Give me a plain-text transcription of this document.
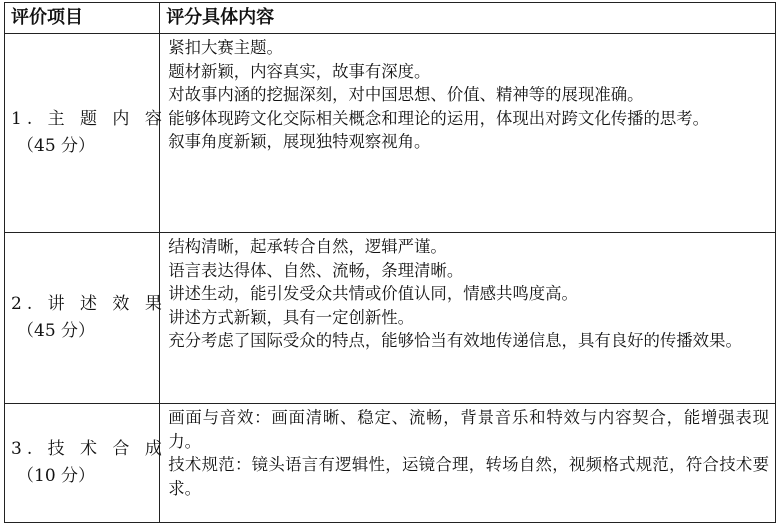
评价项目	评分具体内容

1. 主 题 内 容
（45 分）	紧扣大赛主题。
题材新颖，内容真实，故事有深度。
对故事内涵的挖掘深刻，对中国思想、价值、精神等的展现准确。
能够体现跨文化交际相关概念和理论的运用，体现出对跨文化传播的思考。
叙事角度新颖，展现独特观察视角。

2. 讲 述 效 果
（45 分）	结构清晰，起承转合自然，逻辑严谨。
语言表达得体、自然、流畅，条理清晰。
讲述生动，能引发受众共情或价值认同，情感共鸣度高。
讲述方式新颖，具有一定创新性。
充分考虑了国际受众的特点，能够恰当有效地传递信息，具有良好的传播效果。

3. 技 术 合 成
（10 分）	画面与音效：画面清晰、稳定、流畅，背景音乐和特效与内容契合，能增强表现力。
技术规范：镜头语言有逻辑性，运镜合理，转场自然，视频格式规范，符合技术要求。
